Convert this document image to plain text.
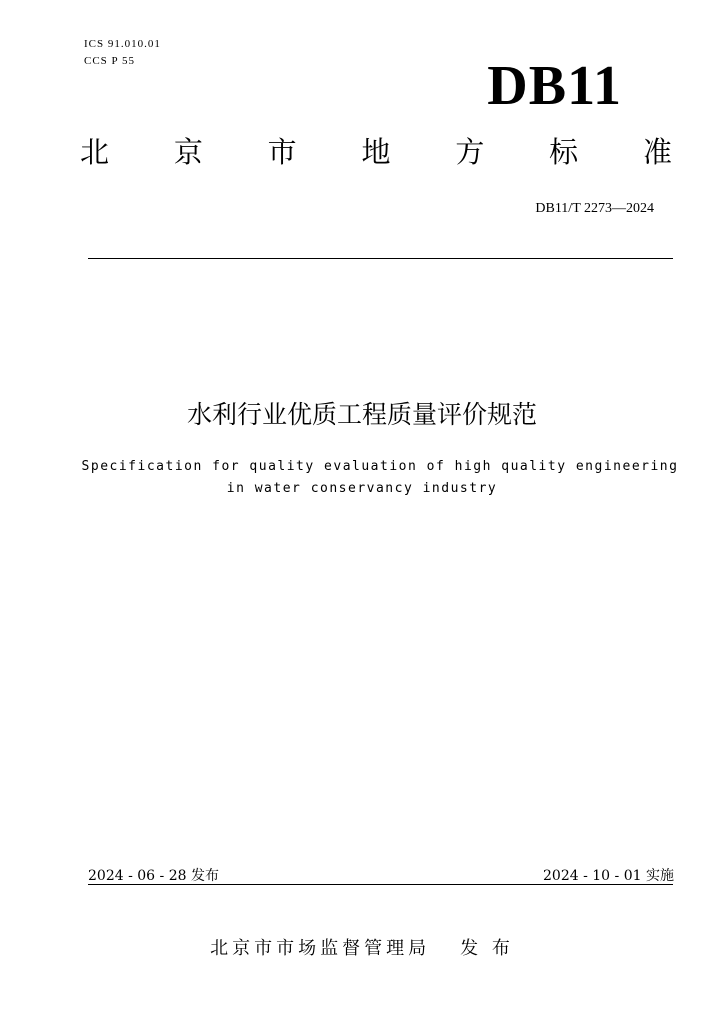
ICS 91.010.01
CCS P 55	DB11
北 京 市 地 方 标 准
DB11/T 2273—2024
水利行业优质工程质量评价规范
Specification for quality evaluation of high quality engineering
in water conservancy industry
2024 - 06 - 28 发布	2024 - 10 - 01 实施
北京市市场监督管理局 发 布
